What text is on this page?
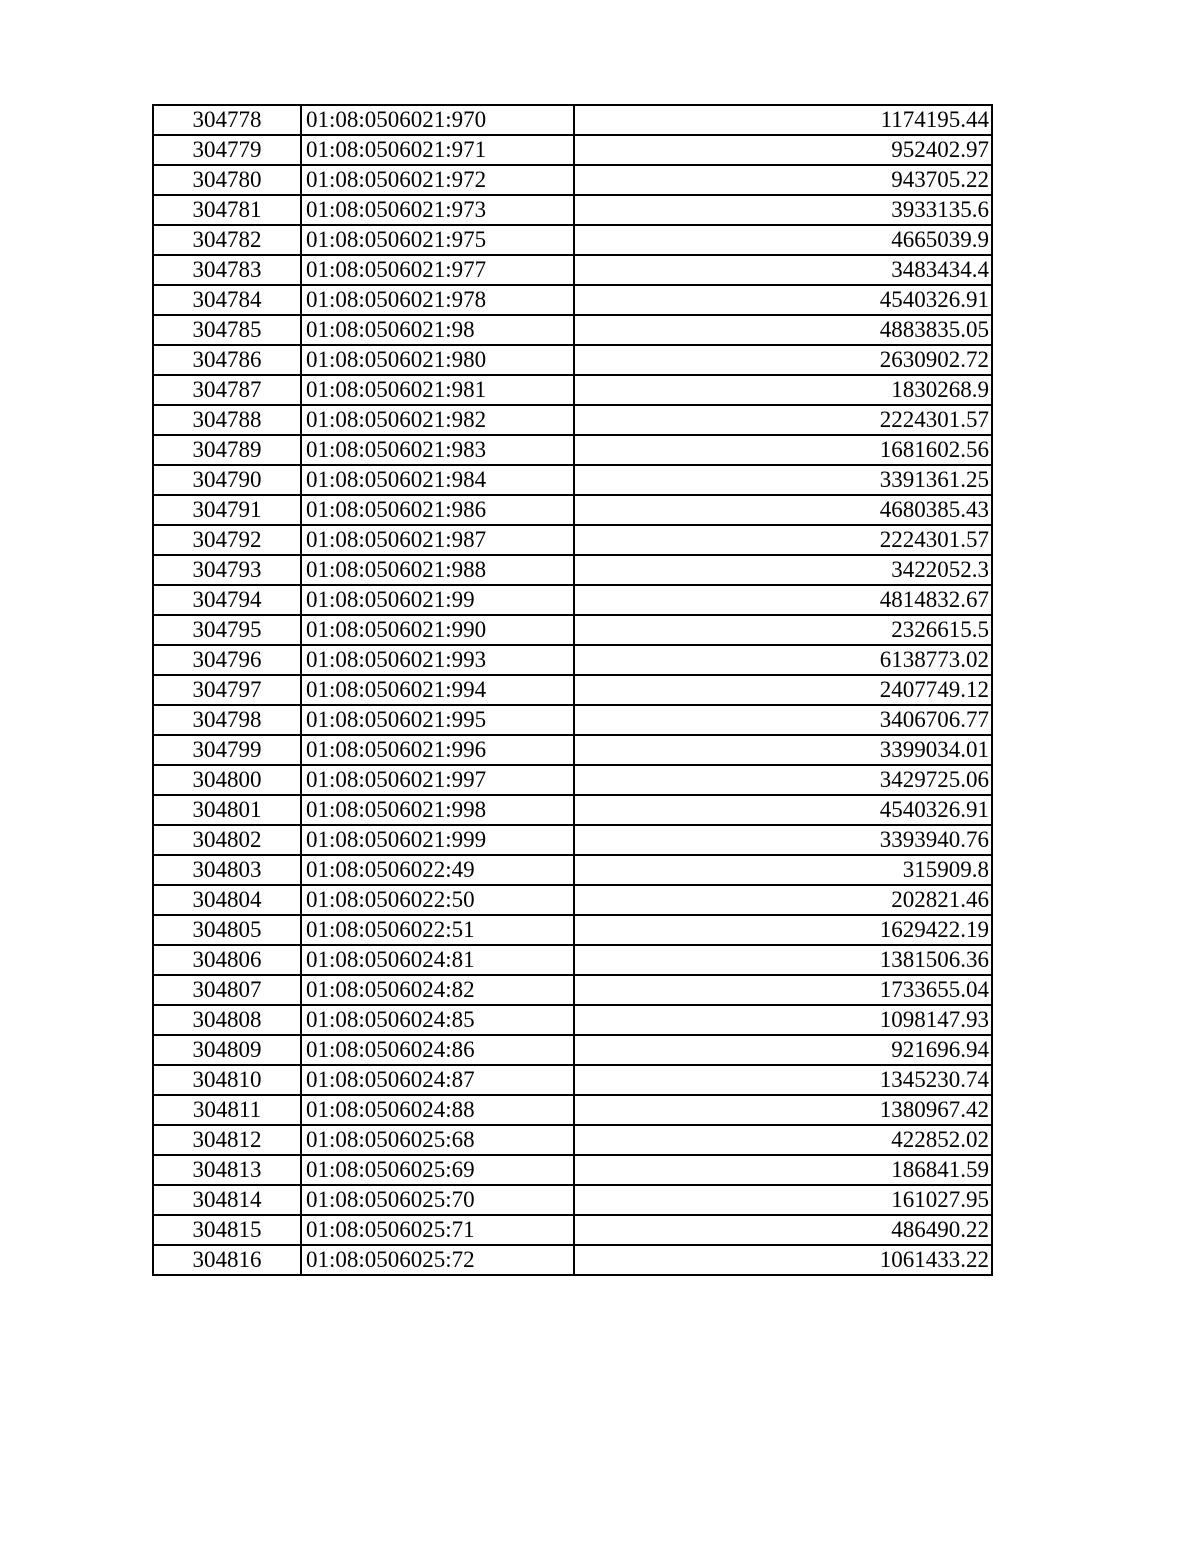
304778	01:08:0506021:970	1174195.44
304779	01:08:0506021:971	952402.97
304780	01:08:0506021:972	943705.22
304781	01:08:0506021:973	3933135.6
304782	01:08:0506021:975	4665039.9
304783	01:08:0506021:977	3483434.4
304784	01:08:0506021:978	4540326.91
304785	01:08:0506021:98	4883835.05
304786	01:08:0506021:980	2630902.72
304787	01:08:0506021:981	1830268.9
304788	01:08:0506021:982	2224301.57
304789	01:08:0506021:983	1681602.56
304790	01:08:0506021:984	3391361.25
304791	01:08:0506021:986	4680385.43
304792	01:08:0506021:987	2224301.57
304793	01:08:0506021:988	3422052.3
304794	01:08:0506021:99	4814832.67
304795	01:08:0506021:990	2326615.5
304796	01:08:0506021:993	6138773.02
304797	01:08:0506021:994	2407749.12
304798	01:08:0506021:995	3406706.77
304799	01:08:0506021:996	3399034.01
304800	01:08:0506021:997	3429725.06
304801	01:08:0506021:998	4540326.91
304802	01:08:0506021:999	3393940.76
304803	01:08:0506022:49	315909.8
304804	01:08:0506022:50	202821.46
304805	01:08:0506022:51	1629422.19
304806	01:08:0506024:81	1381506.36
304807	01:08:0506024:82	1733655.04
304808	01:08:0506024:85	1098147.93
304809	01:08:0506024:86	921696.94
304810	01:08:0506024:87	1345230.74
304811	01:08:0506024:88	1380967.42
304812	01:08:0506025:68	422852.02
304813	01:08:0506025:69	186841.59
304814	01:08:0506025:70	161027.95
304815	01:08:0506025:71	486490.22
304816	01:08:0506025:72	1061433.22
